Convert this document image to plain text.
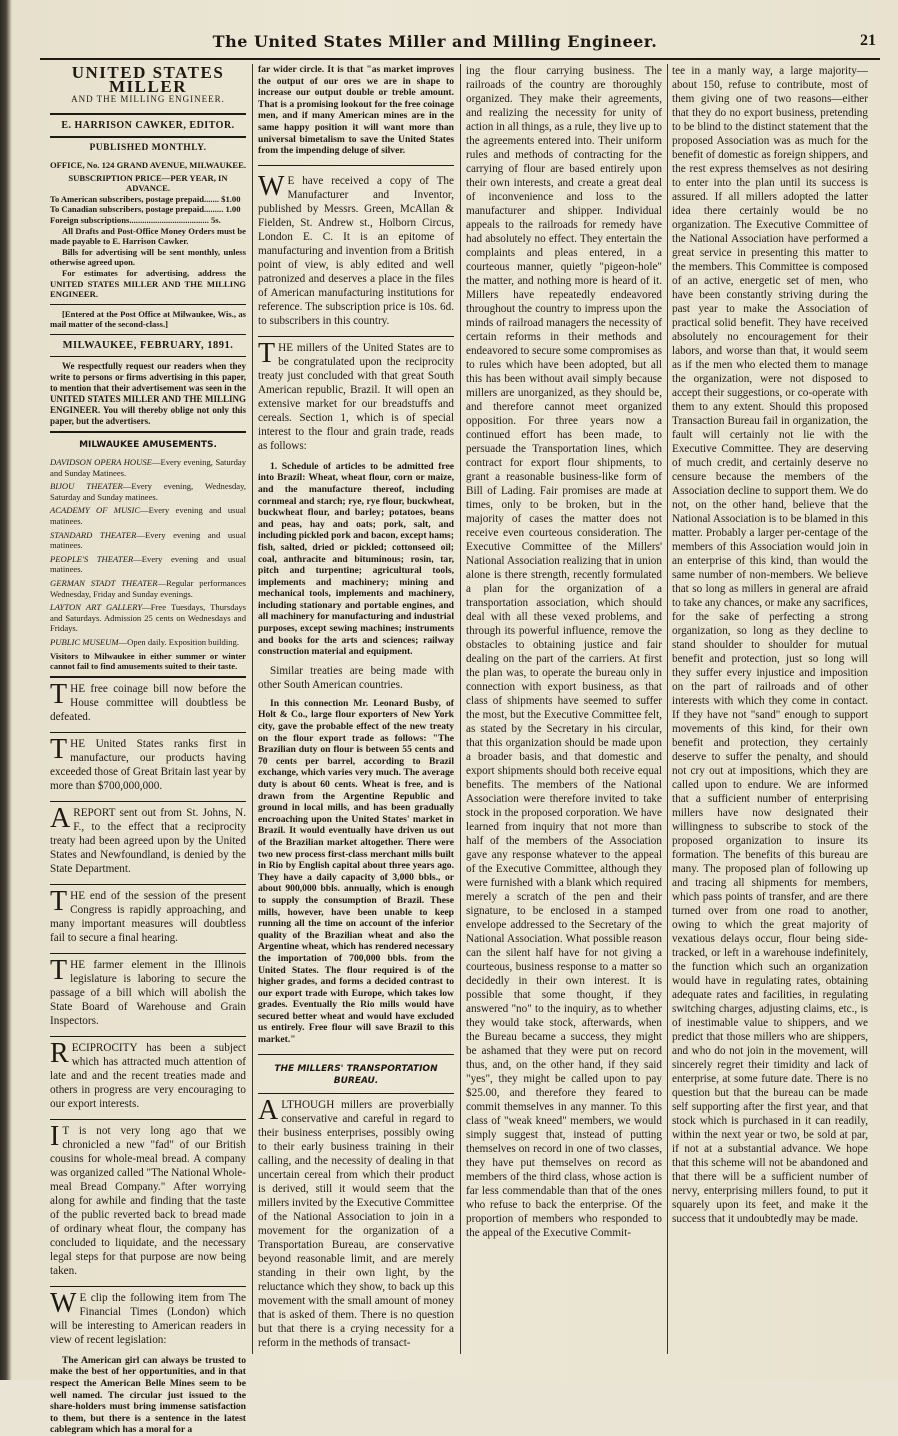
The United States Miller and Milling Engineer.	21
UNITED STATES MILLER
AND THE MILLING ENGINEER.
E. HARRISON CAWKER, EDITOR.
PUBLISHED MONTHLY.
OFFICE, No. 124 GRAND AVENUE, MILWAUKEE.
SUBSCRIPTION PRICE—PER YEAR, IN ADVANCE.
To American subscribers, postage prepaid....... $1.00
To Canadian subscribers, postage prepaid......... 1.00
Foreign subscriptions..................................... 5s.
All Drafts and Post-Office Money Orders must be made payable to E. Harrison Cawker.
Bills for advertising will be sent monthly, unless otherwise agreed upon.
For estimates for advertising, address the UNITED STATES MILLER AND THE MILLING ENGINEER.
[Entered at the Post Office at Milwaukee, Wis., as mail matter of the second-class.]
MILWAUKEE, FEBRUARY, 1891.
We respectfully request our readers when they write to persons or firms advertising in this paper, to mention that their advertisement was seen in the UNITED STATES MILLER AND THE MILLING ENGINEER. You will thereby oblige not only this paper, but the advertisers.
MILWAUKEE AMUSEMENTS.

DAVIDSON OPERA HOUSE—Every evening, Saturday and Sunday Matinees.

BIJOU THEATER—Every evening, Wednesday, Saturday and Sunday matinees.

ACADEMY OF MUSIC—Every evening and usual matinees.

STANDARD THEATER—Every evening and usual matinees.

PEOPLE'S THEATER—Every evening and usual matinees.

GERMAN STADT THEATER—Regular performances Wednesday, Friday and Sunday evenings.

LAYTON ART GALLERY—Free Tuesdays, Thursdays and Saturdays. Admission 25 cents on Wednesdays and Fridays.

PUBLIC MUSEUM—Open daily. Exposition building.

Visitors to Milwaukee in either summer or winter cannot fail to find amusements suited to their taste.

THE free coinage bill now before the House committee will doubtless be defeated.
THE United States ranks first in manufacture, our products having exceeded those of Great Britain last year by more than $700,000,000.
A REPORT sent out from St. Johns, N. F., to the effect that a reciprocity treaty had been agreed upon by the United States and Newfoundland, is denied by the State Department.
THE end of the session of the present Congress is rapidly approaching, and many important measures will doubtless fail to secure a final hearing.
THE farmer element in the Illinois legislature is laboring to secure the passage of a bill which will abolish the State Board of Warehouse and Grain Inspectors.
RECIPROCITY has been a subject which has attracted much attention of late and and the recent treaties made and others in progress are very encouraging to our export interests.
I T is not very long ago that we chronicled a new "fad" of our British cousins for whole-meal bread. A company was organized called "The National Whole-meal Bread Company." After worrying along for awhile and finding that the taste of the public reverted back to bread made of ordinary wheat flour, the company has concluded to liquidate, and the necessary legal steps for that purpose are now being taken.
W E clip the following item from The Financial Times (London) which will be interesting to American readers in view of recent legislation:
The American girl can always be trusted to make the best of her opportunities, and in that respect the American Belle Mines seem to be well named. The circular just issued to the share-holders must bring immense satisfaction to them, but there is a sentence in the latest cablegram which has a moral for a
far wider circle. It is that "as market improves the output of our ores we are in shape to increase our output double or treble amount. That is a promising lookout for the free coinage men, and if many American mines are in the same happy position it will want more than universal bimetalism to save the United States from the impending deluge of silver.
W E have received a copy of The Manufacturer and Inventor, published by Messrs. Green, McAllan & Fielden, St. Andrew st., Holborn Circus, London E. C. It is an epitome of manufacturing and invention from a British point of view, is ably edited and well patronized and deserves a place in the files of American manufacturing institutions for reference. The subscription price is 10s. 6d. to subscribers in this country.
THE millers of the United States are to be congratulated upon the reciprocity treaty just concluded with that great South American republic, Brazil. It will open an extensive market for our breadstuffs and cereals. Section 1, which is of special interest to the flour and grain trade, reads as follows:
1. Schedule of articles to be admitted free into Brazil: Wheat, wheat flour, corn or maize, and the manufacture thereof, including cornmeal and starch; rye, rye flour, buckwheat, buckwheat flour, and barley; potatoes, beans and peas, hay and oats; pork, salt, and including pickled pork and bacon, except hams; fish, salted, dried or pickled; cottonseed oil; coal, anthracite and bituminous; rosin, tar, pitch and turpentine; agricultural tools, implements and machinery; mining and mechanical tools, implements and machinery, including stationary and portable engines, and all machinery for manufacturing and industrial purposes, except sewing machines; instruments and books for the arts and sciences; railway construction material and equipment.
Similar treaties are being made with other South American countries.
In this connection Mr. Leonard Busby, of Holt & Co., large flour exporters of New York city, gave the probable effect of the new treaty on the flour export trade as follows: "The Brazilian duty on flour is between 55 cents and 70 cents per barrel, according to Brazil exchange, which varies very much. The average duty is about 60 cents. Wheat is free, and is drawn from the Argentine Republic and ground in local mills, and has been gradually encroaching upon the United States' market in Brazil. It would eventually have driven us out of the Brazilian market altogether. There were two new process first-class merchant mills built in Rio by English capital about three years ago. They have a daily capacity of 3,000 bbls., or about 900,000 bbls. annually, which is enough to supply the consumption of Brazil. These mills, however, have been unable to keep running all the time on account of the inferior quality of the Brazilian wheat and also the Argentine wheat, which has rendered necessary the importation of 700,000 bbls. from the United States. The flour required is of the higher grades, and forms a decided contrast to our export trade with Europe, which takes low grades. Eventually the Rio mills would have secured better wheat and would have excluded us entirely. Free flour will save Brazil to this market."
THE MILLERS' TRANSPORTATION BUREAU.
ALTHOUGH millers are proverbially conservative and careful in regard to their business enterprises, possibly owing to their early business training in their calling, and the necessity of dealing in that uncertain cereal from which their product is derived, still it would seem that the millers invited by the Executive Committee of the National Association to join in a movement for the organization of a Transportation Bureau, are conservative beyond reasonable limit, and are merely standing in their own light, by the reluctance which they show, to back up this movement with the small amount of money that is asked of them. There is no question but that there is a crying necessity for a reform in the methods of transact-
ing the flour carrying business. The railroads of the country are thoroughly organized. They make their agreements, and realizing the necessity for unity of action in all things, as a rule, they live up to the agreements entered into. Their uniform rules and methods of contracting for the carrying of flour are based entirely upon their own interests, and create a great deal of inconvenience and loss to the manufacturer and shipper. Individual appeals to the railroads for remedy have had absolutely no effect. They entertain the complaints and pleas entered, in a courteous manner, quietly "pigeon-hole" the matter, and nothing more is heard of it. Millers have repeatedly endeavored throughout the country to impress upon the minds of railroad managers the necessity of certain reforms in their methods and endeavored to secure some compromises as to rules which have been adopted, but all this has been without avail simply because millers are unorganized, as they should be, and therefore cannot meet organized opposition. For three years now a continued effort has been made, to persuade the Transportation lines, which contract for export flour shipments, to grant a reasonable business-like form of Bill of Lading. Fair promises are made at times, only to be broken, but in the majority of cases the matter does not receive even courteous consideration. The Executive Committee of the Millers' National Association realizing that in union alone is there strength, recently formulated a plan for the organization of a transportation association, which should deal with all these vexed problems, and through its powerful influence, remove the obstacles to obtaining justice and fair dealing on the part of the carriers. At first the plan was, to operate the bureau only in connection with export business, as that class of shipments have seemed to suffer the most, but the Executive Committee felt, as stated by the Secretary in his circular, that this organization should be made upon a broader basis, and that domestic and export shipments should both receive equal benefits. The members of the National Association were therefore invited to take stock in the proposed corporation. We have learned from inquiry that not more than half of the members of the Association gave any response whatever to the appeal of the Executive Committee, although they were furnished with a blank which required merely a scratch of the pen and their signature, to be enclosed in a stamped envelope addressed to the Secretary of the National Association. What possible reason can the silent half have for not giving a courteous, business response to a matter so decidedly in their own interest. It is possible that some thought, if they answered "no" to the inquiry, as to whether they would take stock, afterwards, when the Bureau became a success, they might be ashamed that they were put on record thus, and, on the other hand, if they said "yes", they might be called upon to pay $25.00, and therefore they feared to commit themselves in any manner. To this class of "weak kneed" members, we would simply suggest that, instead of putting themselves on record in one of two classes, they have put themselves on record as members of the third class, whose action is far less commendable than that of the ones who refuse to back the enterprise. Of the proportion of members who responded to the appeal of the Executive Commit-
tee in a manly way, a large majority—about 150, refuse to contribute, most of them giving one of two reasons—either that they do no export business, pretending to be blind to the distinct statement that the proposed Association was as much for the benefit of domestic as foreign shippers, and the rest express themselves as not desiring to enter into the plan until its success is assured. If all millers adopted the latter idea there certainly would be no organization. The Executive Committee of the National Association have performed a great service in presenting this matter to the members. This Committee is composed of an active, energetic set of men, who have been constantly striving during the past year to make the Association of practical solid benefit. They have received absolutely no encouragement for their labors, and worse than that, it would seem as if the men who elected them to manage the organization, were not disposed to accept their suggestions, or co-operate with them to any extent. Should this proposed Transaction Bureau fail in organization, the fault will certainly not lie with the Executive Committee. They are deserving of much credit, and certainly deserve no censure because the members of the Association decline to support them. We do not, on the other hand, believe that the National Association is to be blamed in this matter. Probably a larger per-centage of the members of this Association would join in an enterprise of this kind, than would the same number of non-members. We believe that so long as millers in general are afraid to take any chances, or make any sacrifices, for the sake of perfecting a strong organization, so long as they decline to stand shoulder to shoulder for mutual benefit and protection, just so long will they suffer every injustice and imposition on the part of railroads and of other interests with which they come in contact. If they have not "sand" enough to support movements of this kind, for their own benefit and protection, they certainly deserve to suffer the penalty, and should not cry out at impositions, which they are called upon to endure. We are informed that a sufficient number of enterprising millers have now designated their willingness to subscribe to stock of the proposed organization to insure its formation. The benefits of this bureau are many. The proposed plan of following up and tracing all shipments for members, which pass points of transfer, and are there turned over from one road to another, owing to which the great majority of vexatious delays occur, flour being side-tracked, or left in a warehouse indefinitely, the function which such an organization would have in regulating rates, obtaining adequate rates and facilities, in regulating switching charges, adjusting claims, etc., is of inestimable value to shippers, and we predict that those millers who are shippers, and who do not join in the movement, will sincerely regret their timidity and lack of enterprise, at some future date. There is no question but that the bureau can be made self supporting after the first year, and that stock which is purchased in it can readily, within the next year or two, be sold at par, if not at a substantial advance. We hope that this scheme will not be abandoned and that there will be a sufficient number of nervy, enterprising millers found, to put it squarely upon its feet, and make it the success that it undoubtedly may be made.
